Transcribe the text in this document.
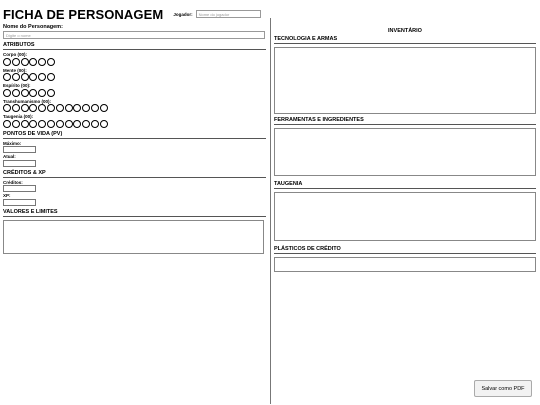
FICHA DE PERSONAGEM Jogador:	Nome do jogador
Nome do Personagem:
Digite o nome
ATRIBUTOS
Corpo (00):
Mente (00):
Espírito (00):
Transhumanismo (00):
Taugenia (00):
PONTOS DE VIDA (PV)
Máximo:
Atual:
CRÉDITOS & XP
Créditos:
XP:
VALORES E LIMITES
INVENTÁRIO
TECNOLOGIA E ARMAS
FERRAMENTAS E INGREDIENTES
TAUGENIA
PLÁSTICOS DE CRÉDITO
Salvar como PDF
